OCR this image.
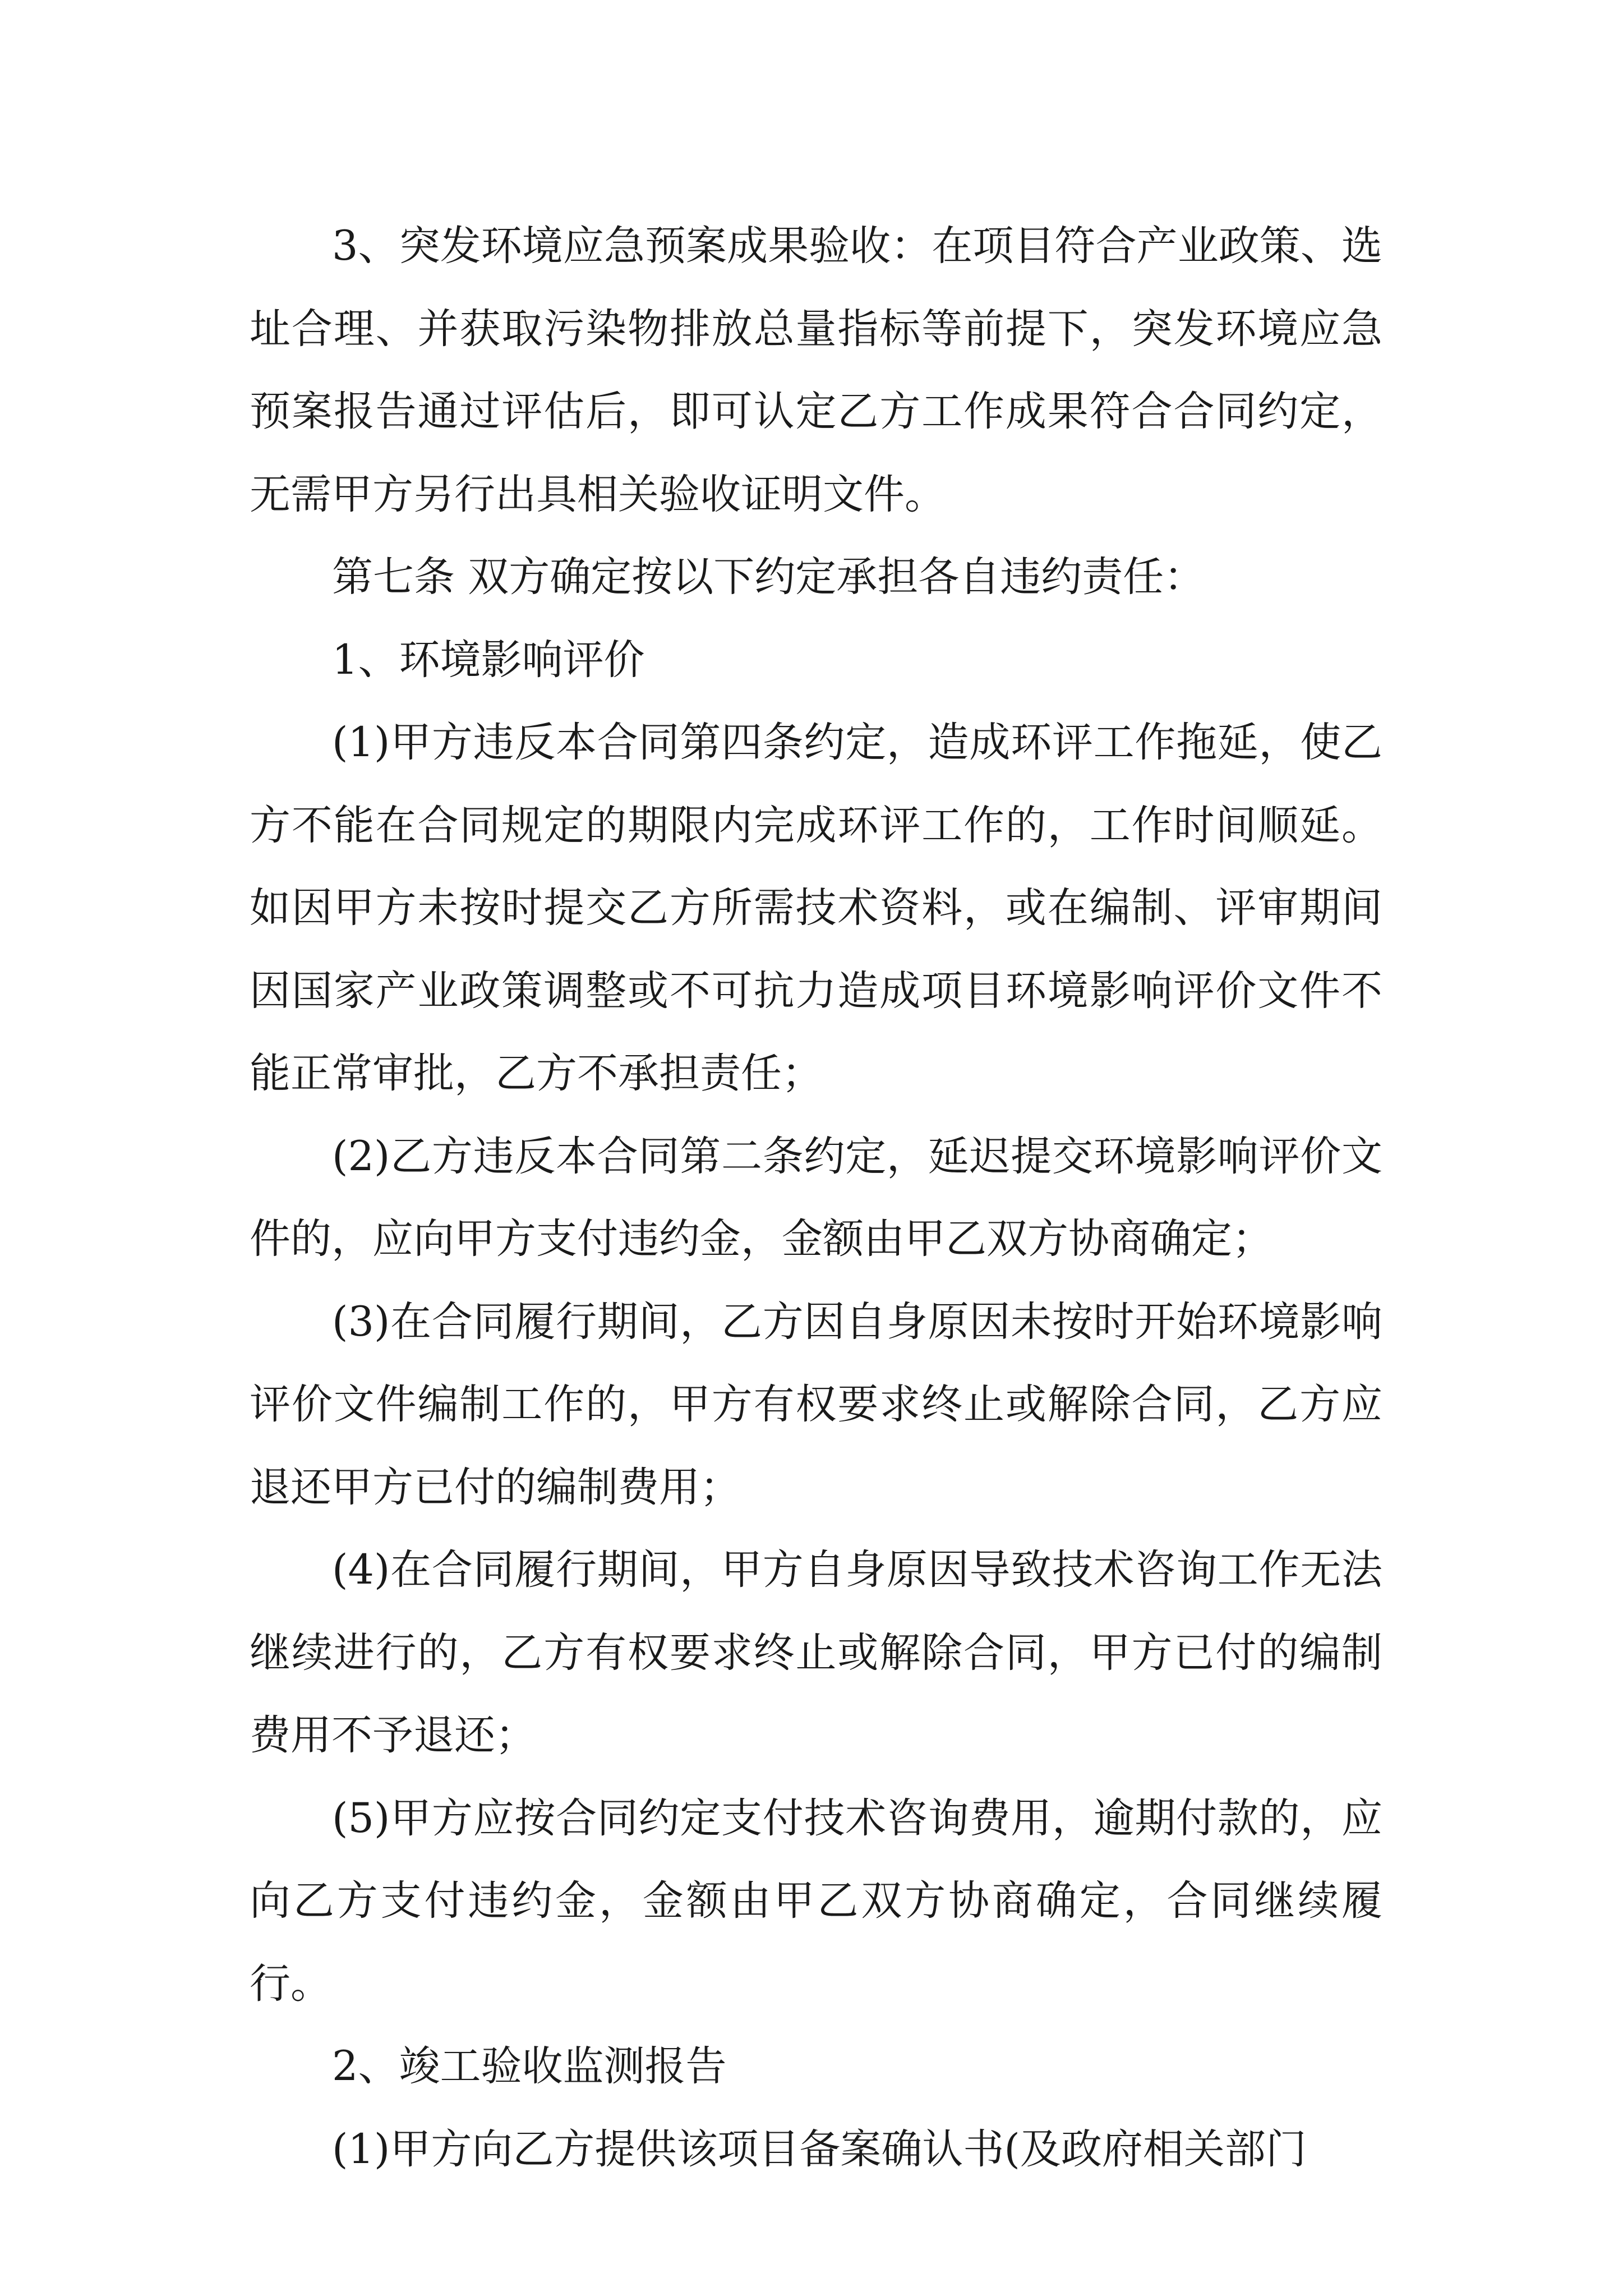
3、突发环境应急预案成果验收：在项目符合产业政策、选址合理、并获取污染物排放总量指标等前提下，突发环境应急预案报告通过评估后，即可认定乙方工作成果符合合同约定，无需甲方另行出具相关验收证明文件。

第七条 双方确定按以下约定承担各自违约责任：

1、环境影响评价

(1)甲方违反本合同第四条约定，造成环评工作拖延，使乙方不能在合同规定的期限内完成环评工作的，工作时间顺延。如因甲方未按时提交乙方所需技术资料，或在编制、评审期间因国家产业政策调整或不可抗力造成项目环境影响评价文件不能正常审批，乙方不承担责任；

(2)乙方违反本合同第二条约定，延迟提交环境影响评价文件的，应向甲方支付违约金，金额由甲乙双方协商确定；

(3)在合同履行期间，乙方因自身原因未按时开始环境影响评价文件编制工作的，甲方有权要求终止或解除合同，乙方应退还甲方已付的编制费用；

(4)在合同履行期间，甲方自身原因导致技术咨询工作无法继续进行的，乙方有权要求终止或解除合同，甲方已付的编制费用不予退还；

(5)甲方应按合同约定支付技术咨询费用，逾期付款的，应向乙方支付违约金，金额由甲乙双方协商确定，合同继续履行。

2、竣工验收监测报告

(1)甲方向乙方提供该项目备案确认书(及政府相关部门
